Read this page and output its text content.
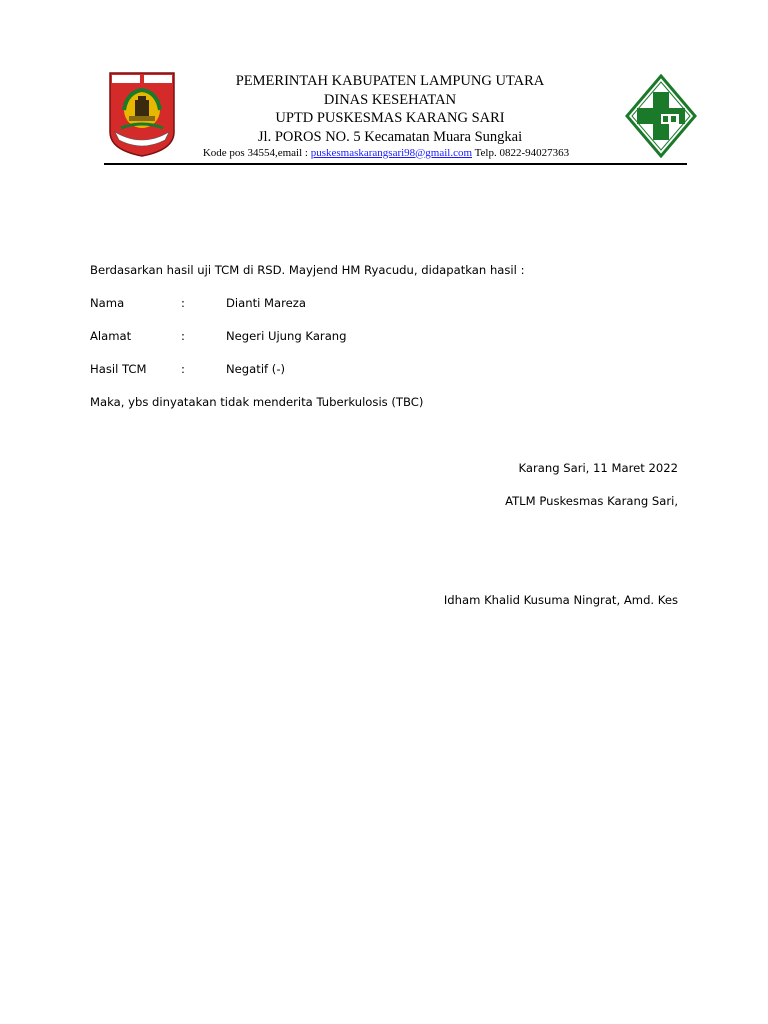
PEMERINTAH KABUPATEN LAMPUNG UTARA
DINAS KESEHATAN
UPTD PUSKESMAS KARANG SARI
Jl. POROS NO. 5 Kecamatan Muara Sungkai
Kode pos 34554,email : puskesmaskarangsari98@gmail.com Telp. 0822-94027363
Berdasarkan hasil uji TCM di RSD. Mayjend HM Ryacudu, didapatkan hasil :
Nama	:	Dianti Mareza
Alamat	:	Negeri Ujung Karang
Hasil TCM	:	Negatif (-)
Maka, ybs dinyatakan tidak menderita Tuberkulosis (TBC)
Karang Sari, 11 Maret 2022
ATLM Puskesmas Karang Sari,
Idham Khalid Kusuma Ningrat, Amd. Kes
